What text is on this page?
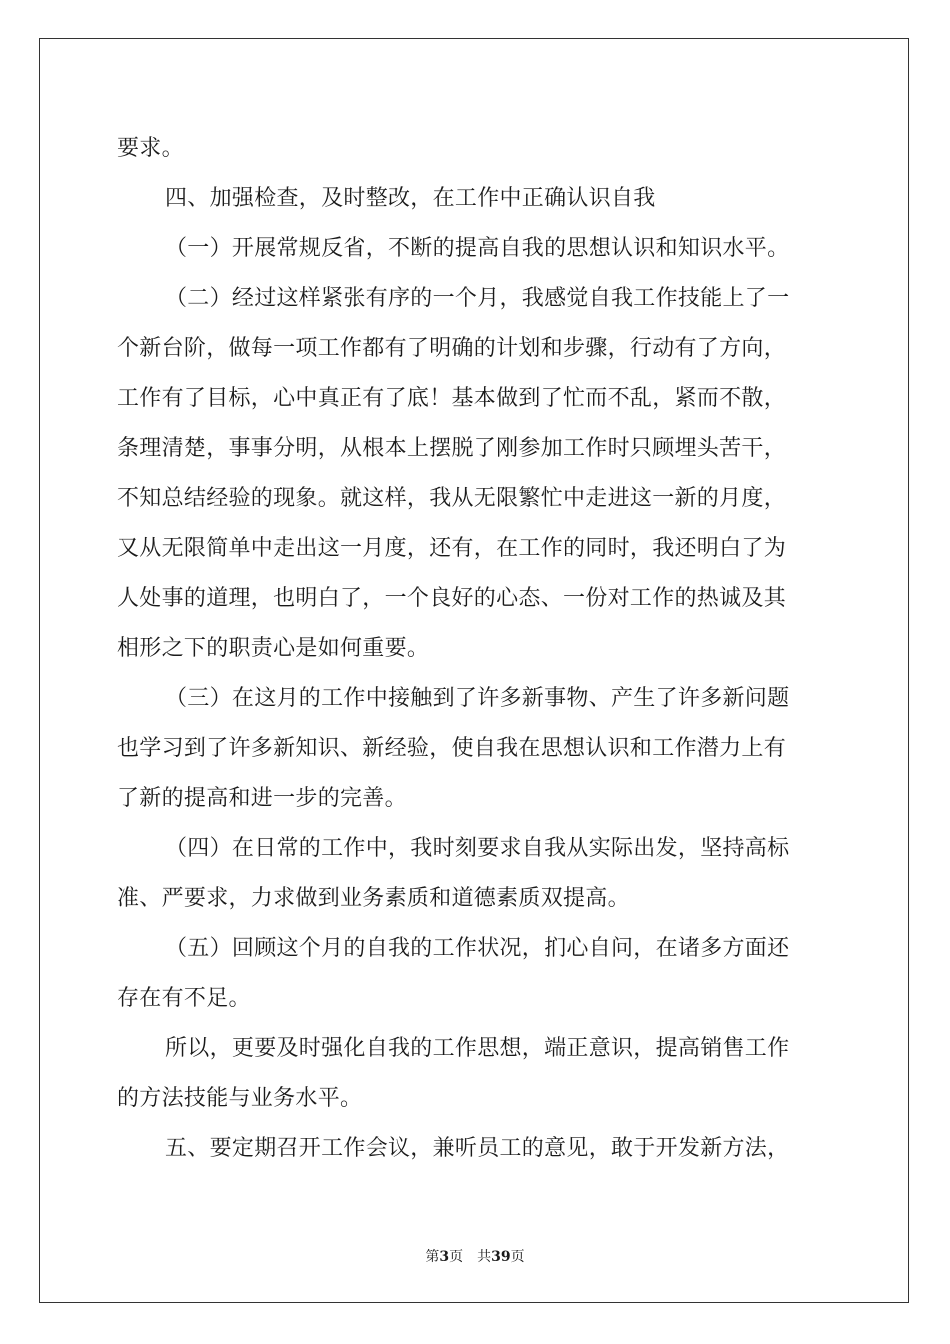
要求。
四、加强检查，及时整改，在工作中正确认识自我
（一）开展常规反省，不断的提高自我的思想认识和知识水平。
（二）经过这样紧张有序的一个月，我感觉自我工作技能上了一
个新台阶，做每一项工作都有了明确的计划和步骤，行动有了方向，
工作有了目标，心中真正有了底！基本做到了忙而不乱，紧而不散，
条理清楚，事事分明，从根本上摆脱了刚参加工作时只顾埋头苦干，
不知总结经验的现象。就这样，我从无限繁忙中走进这一新的月度，
又从无限简单中走出这一月度，还有，在工作的同时，我还明白了为
人处事的道理，也明白了，一个良好的心态、一份对工作的热诚及其
相形之下的职责心是如何重要。
（三）在这月的工作中接触到了许多新事物、产生了许多新问题
也学习到了许多新知识、新经验，使自我在思想认识和工作潜力上有
了新的提高和进一步的完善。
（四）在日常的工作中，我时刻要求自我从实际出发，坚持高标
准、严要求，力求做到业务素质和道德素质双提高。
（五）回顾这个月的自我的工作状况，扪心自问，在诸多方面还
存在有不足。
所以，更要及时强化自我的工作思想，端正意识，提高销售工作
的方法技能与业务水平。
五、要定期召开工作会议，兼听员工的意见，敢于开发新方法，
第3页 共39页
